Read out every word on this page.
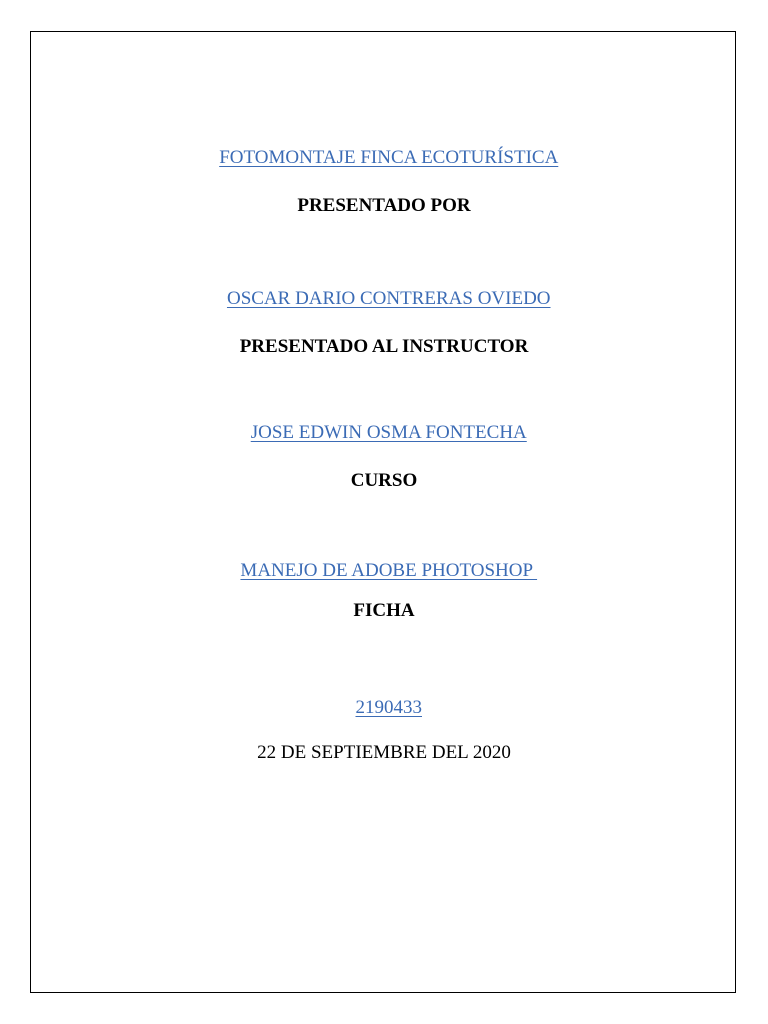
FOTOMONTAJE FINCA ECOTURÍSTICA

PRESENTADO POR

OSCAR DARIO CONTRERAS OVIEDO

PRESENTADO AL INSTRUCTOR

JOSE EDWIN OSMA FONTECHA

CURSO

MANEJO DE ADOBE PHOTOSHOP

FICHA

2190433

22 DE SEPTIEMBRE DEL 2020
